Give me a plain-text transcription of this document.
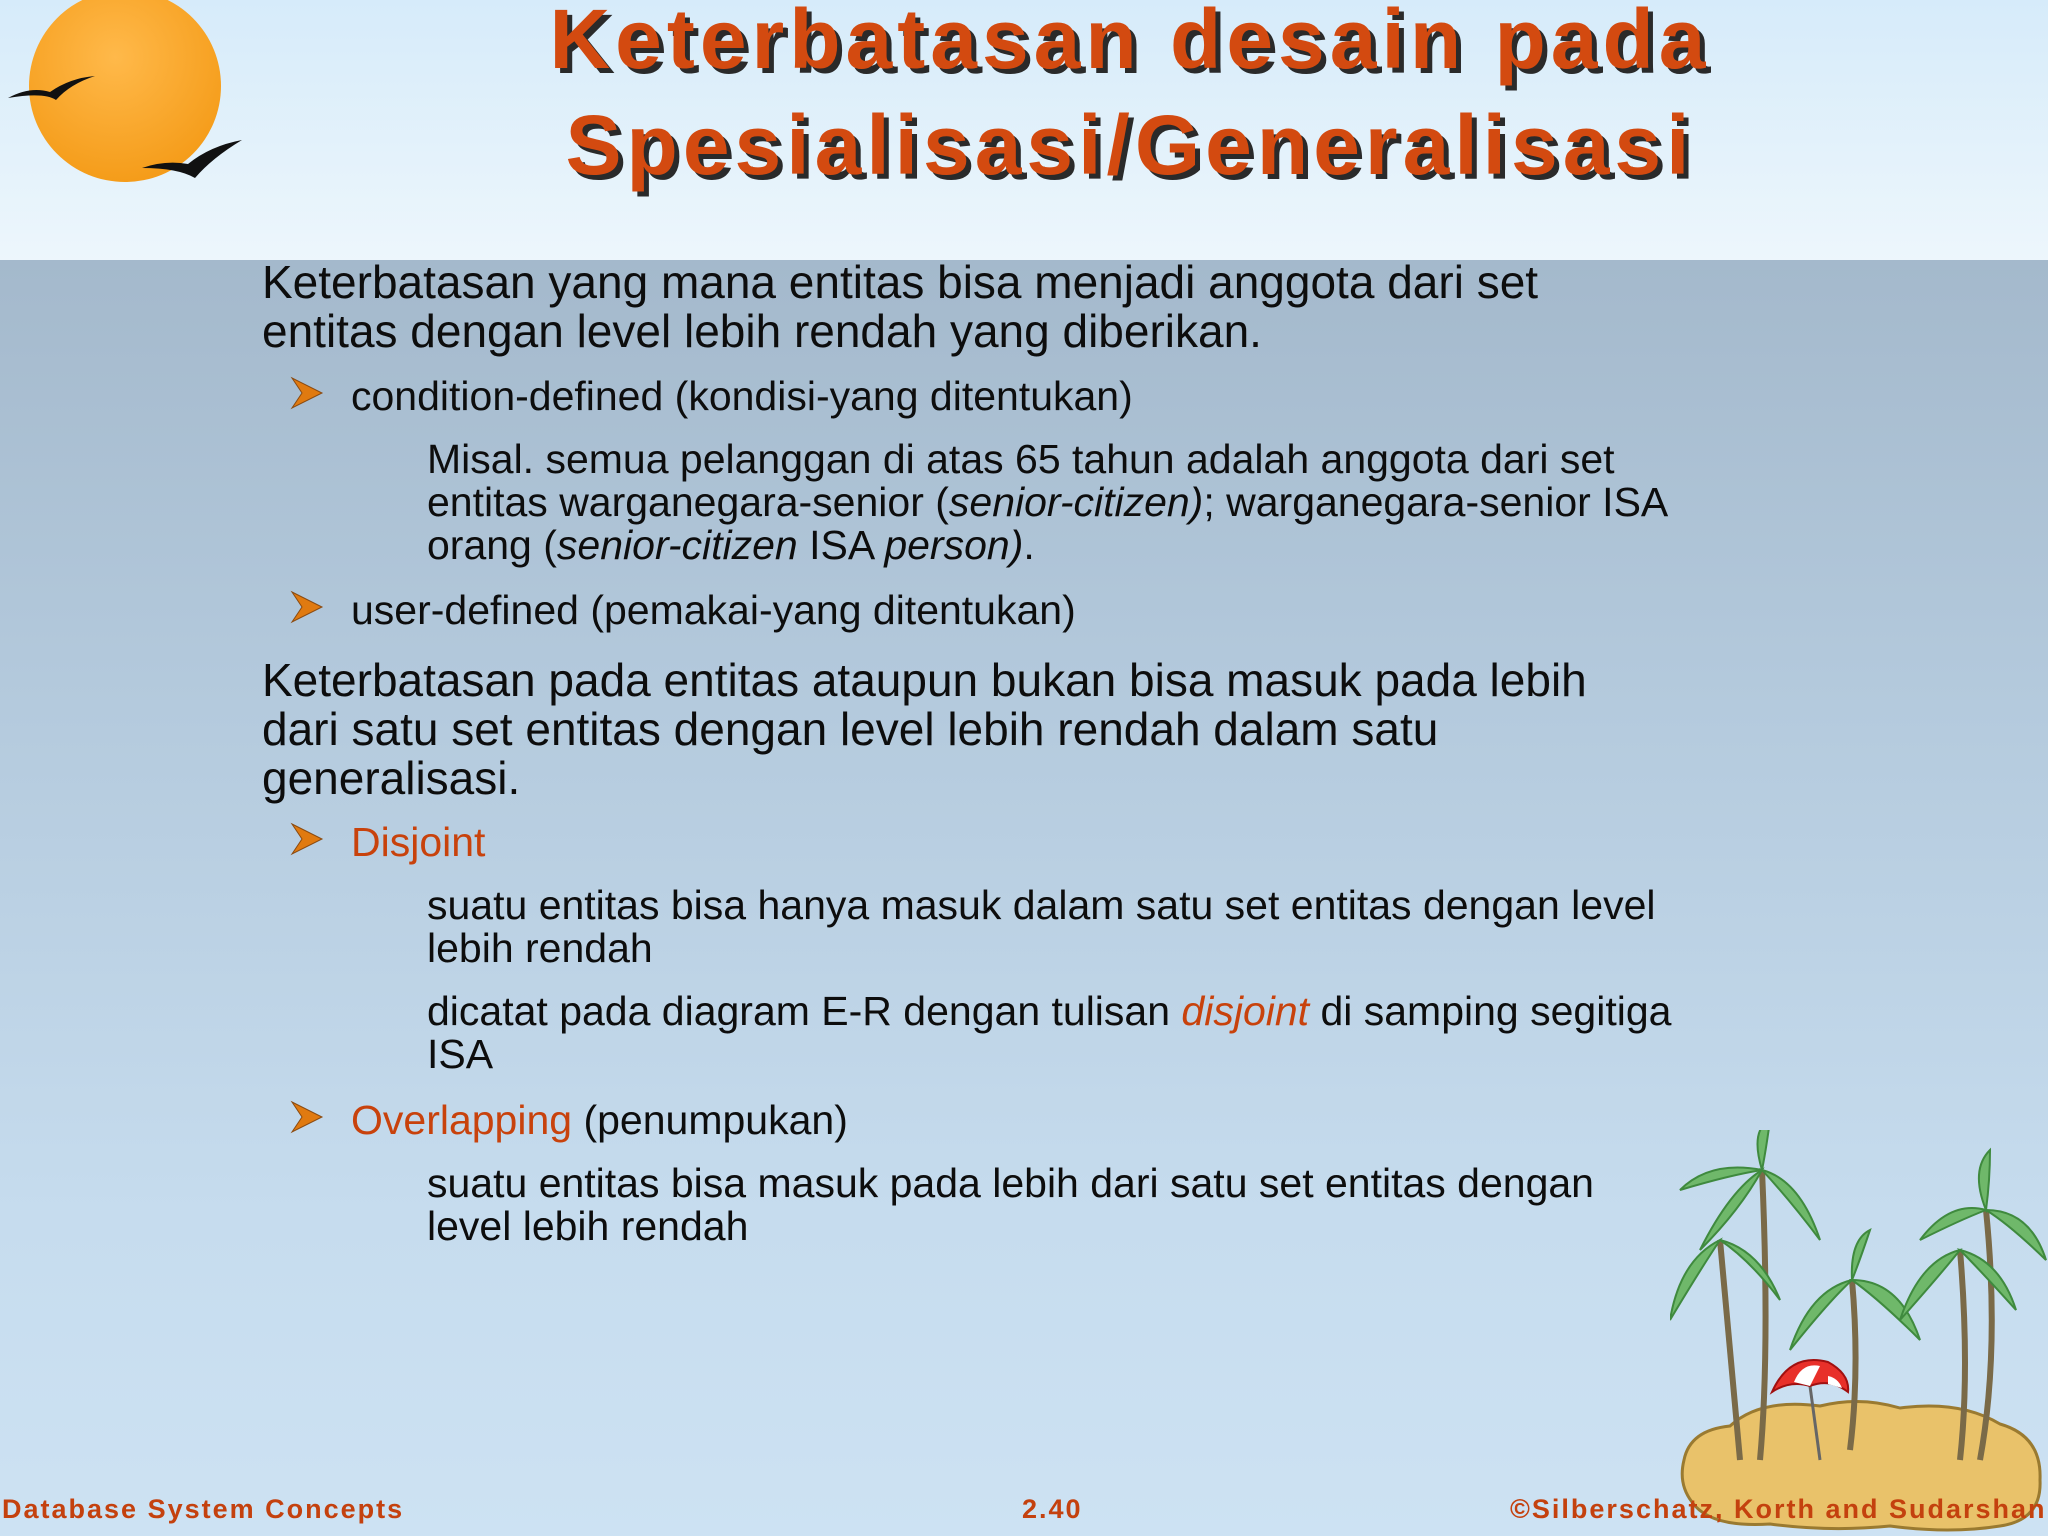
Keterbatasan desain pada
Spesialisasi/Generalisasi
Keterbatasan yang mana entitas bisa menjadi anggota dari set
entitas dengan level lebih rendah yang diberikan.
condition-defined (kondisi-yang ditentukan)
Misal. semua pelanggan di atas 65 tahun adalah anggota dari set
entitas warganegara-senior (senior-citizen); warganegara-senior ISA
orang (senior-citizen ISA person).
user-defined (pemakai-yang ditentukan)
Keterbatasan pada entitas ataupun bukan bisa masuk pada lebih
dari satu set entitas dengan level lebih rendah dalam satu
generalisasi.
Disjoint
suatu entitas bisa hanya masuk dalam satu set entitas dengan level
lebih rendah
dicatat pada diagram E-R dengan tulisan disjoint di samping segitiga
ISA
Overlapping (penumpukan)
suatu entitas bisa masuk pada lebih dari satu set entitas dengan
level lebih rendah
Database System Concepts	2.40	©Silberschatz, Korth and Sudarshan
